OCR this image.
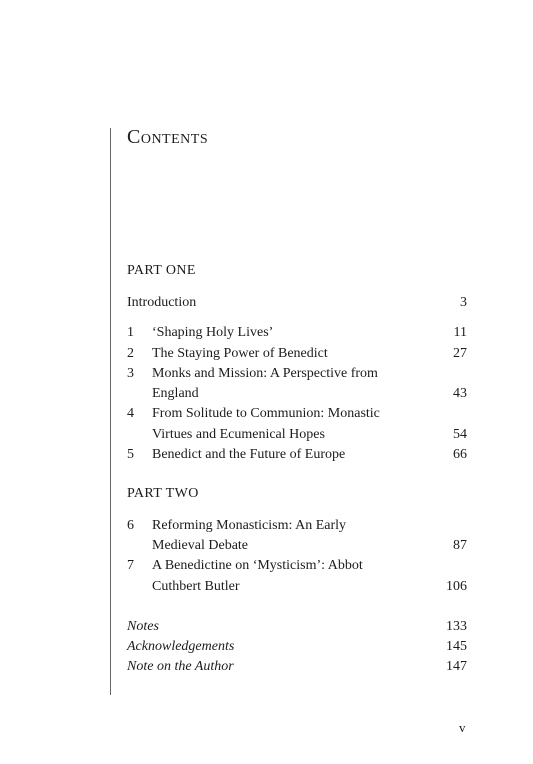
Contents
PART ONE
Introduction	3
1	‘Shaping Holy Lives’	11
2	The Staying Power of Benedict	27
3	Monks and Mission: A Perspective from
England	43
4	From Solitude to Communion: Monastic
Virtues and Ecumenical Hopes	54
5	Benedict and the Future of Europe	66
PART TWO
6	Reforming Monasticism: An Early
Medieval Debate	87
7	A Benedictine on ‘Mysticism’: Abbot
Cuthbert Butler	106
Notes	133
Acknowledgements	145
Note on the Author	147
v
